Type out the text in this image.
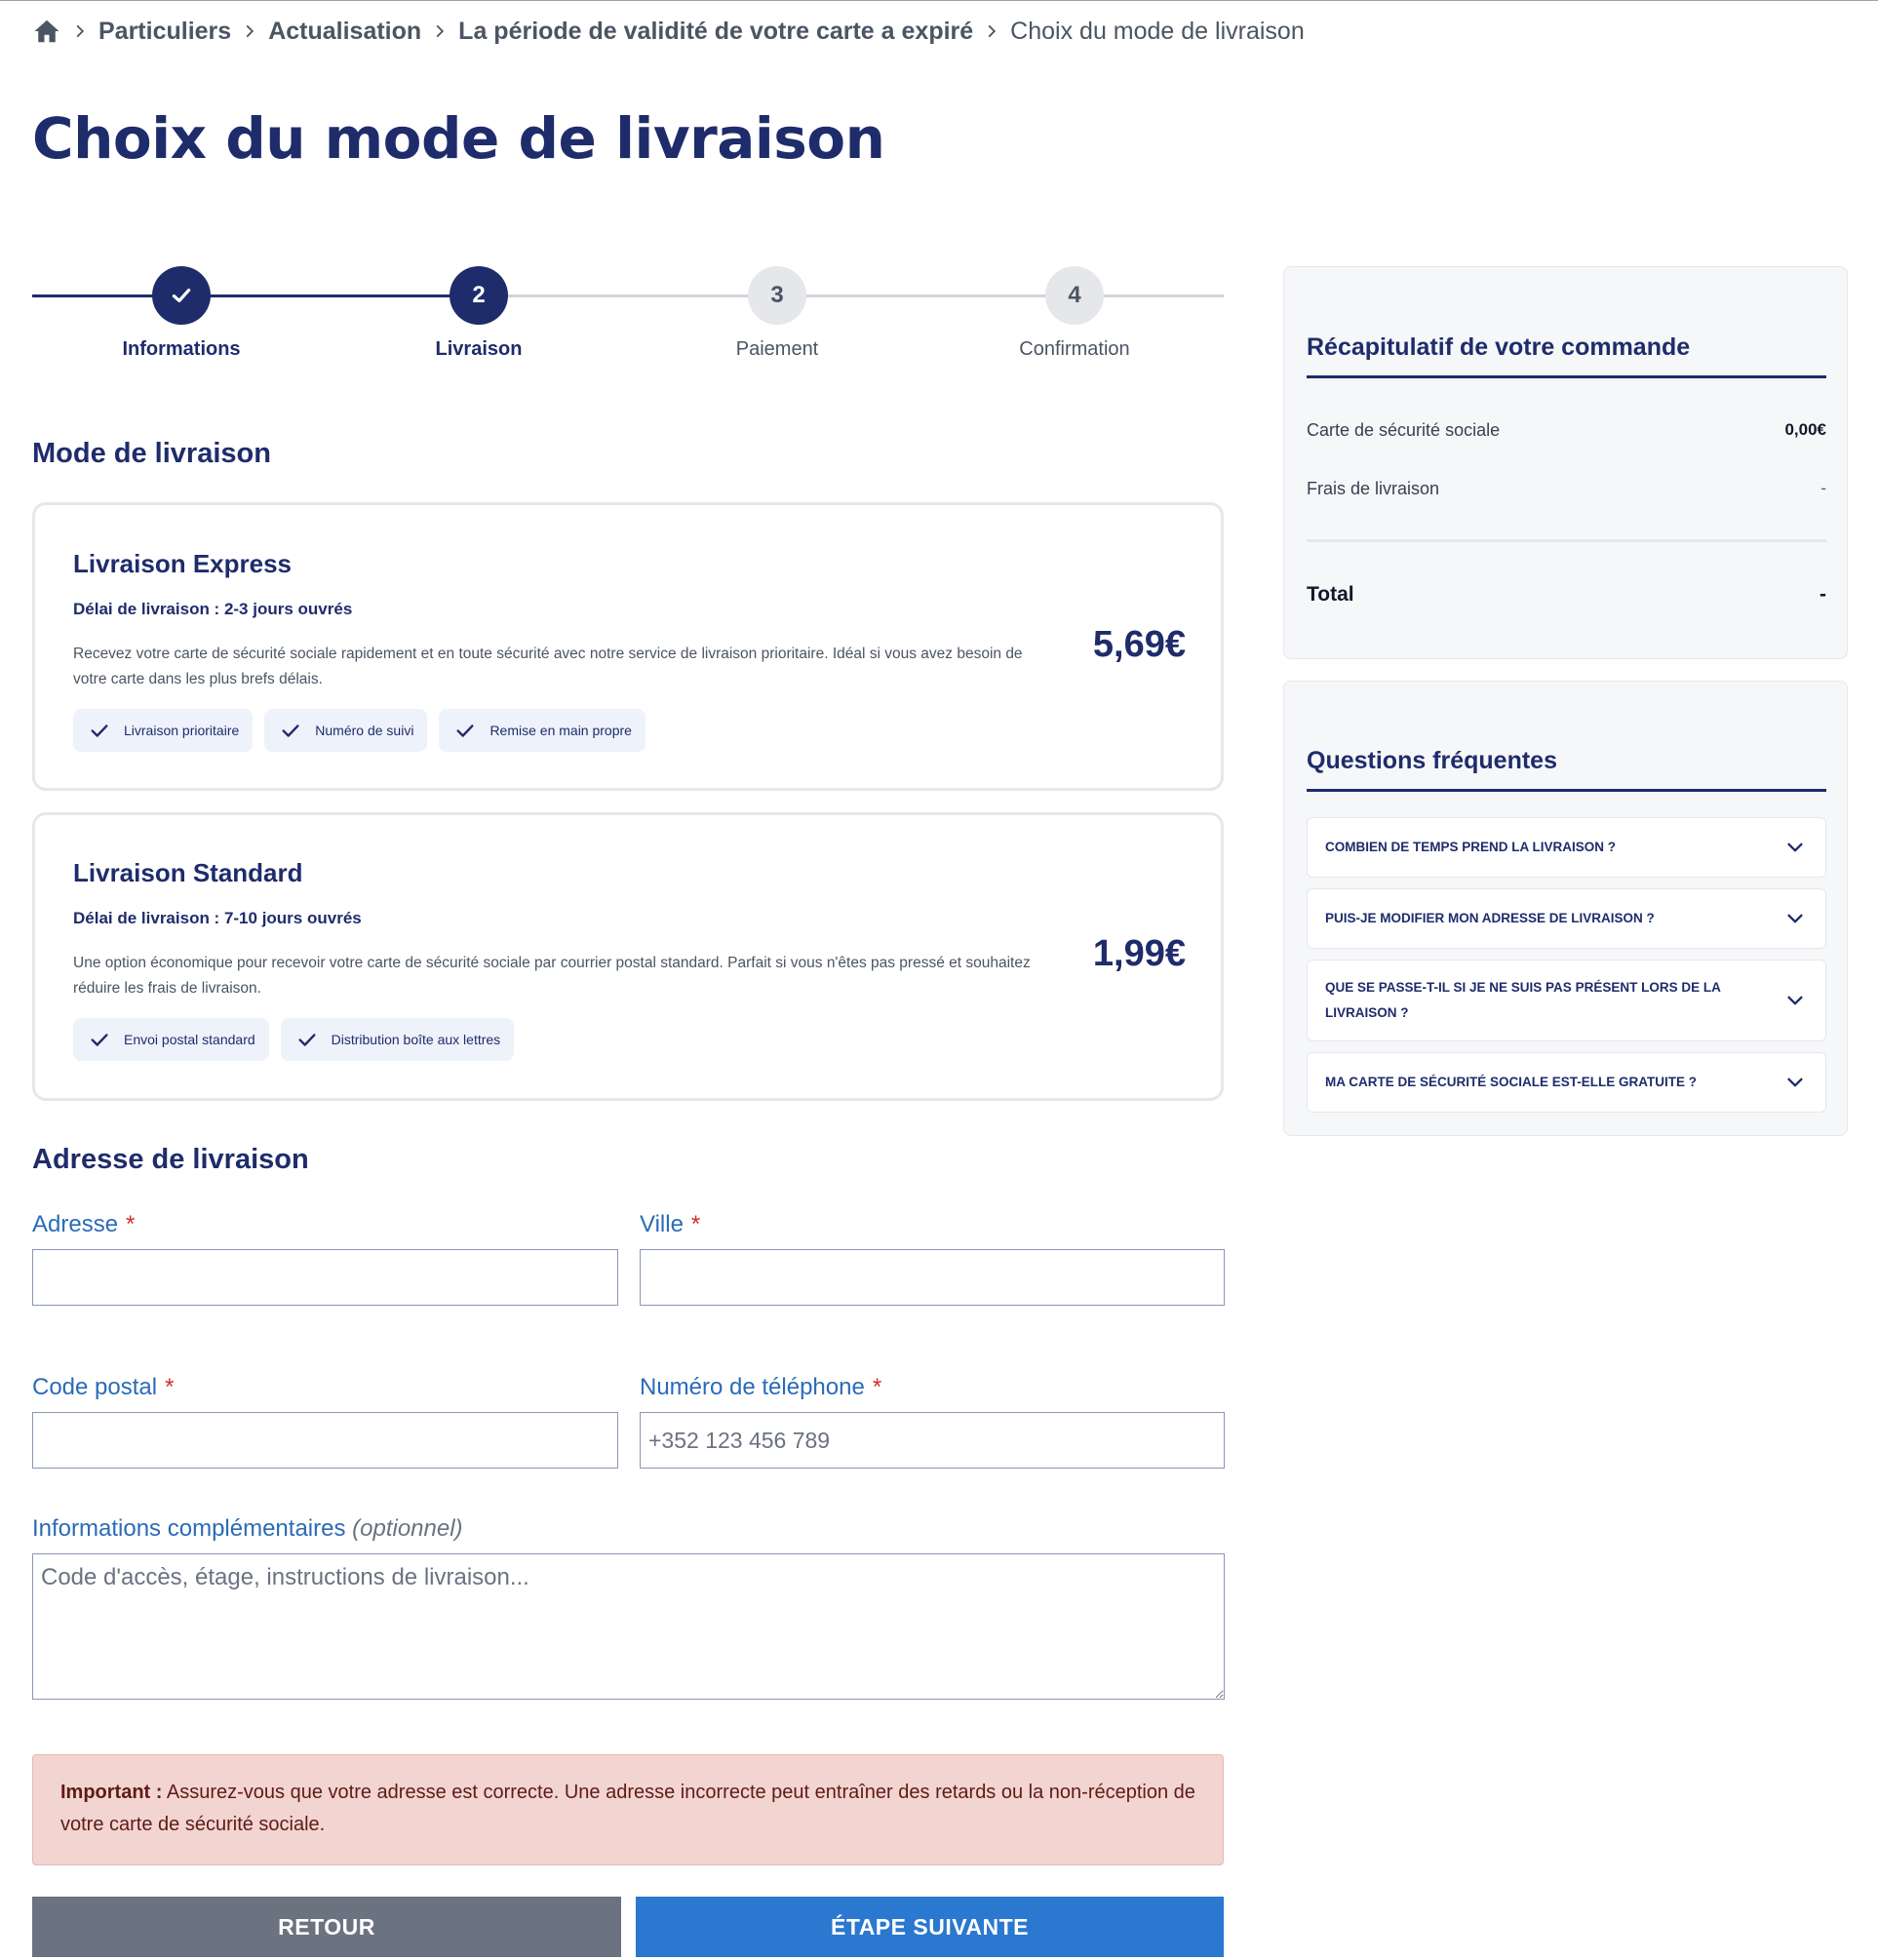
Particuliers Actualisation La période de validité de votre carte a expiré Choix du mode de livraison
Choix du mode de livraison
Informations
2
Livraison
3
Paiement
4
Confirmation
Mode de livraison
Livraison Express
Délai de livraison : 2-3 jours ouvrés
Recevez votre carte de sécurité sociale rapidement et en toute sécurité avec notre service de livraison prioritaire. Idéal si vous avez besoin de votre carte dans les plus brefs délais.
5,69€
Livraison prioritaire	Numéro de suivi	Remise en main propre
Livraison Standard
Délai de livraison : 7-10 jours ouvrés
Une option économique pour recevoir votre carte de sécurité sociale par courrier postal standard. Parfait si vous n'êtes pas pressé et souhaitez réduire les frais de livraison.
1,99€
Envoi postal standard	Distribution boîte aux lettres
Adresse de livraison
Adresse *	Ville *
Code postal *	Numéro de téléphone *
+352 123 456 789
Informations complémentaires (optionnel)
Code d'accès, étage, instructions de livraison...
Important : Assurez-vous que votre adresse est correcte. Une adresse incorrecte peut entraîner des retards ou la non-réception de votre carte de sécurité sociale.
RETOUR	ÉTAPE SUIVANTE
Récapitulatif de votre commande
Carte de sécurité sociale	0,00€
Frais de livraison	-
Total	-
Questions fréquentes
COMBIEN DE TEMPS PREND LA LIVRAISON ?
PUIS-JE MODIFIER MON ADRESSE DE LIVRAISON ?
QUE SE PASSE-T-IL SI JE NE SUIS PAS PRÉSENT LORS DE LA LIVRAISON ?
MA CARTE DE SÉCURITÉ SOCIALE EST-ELLE GRATUITE ?
